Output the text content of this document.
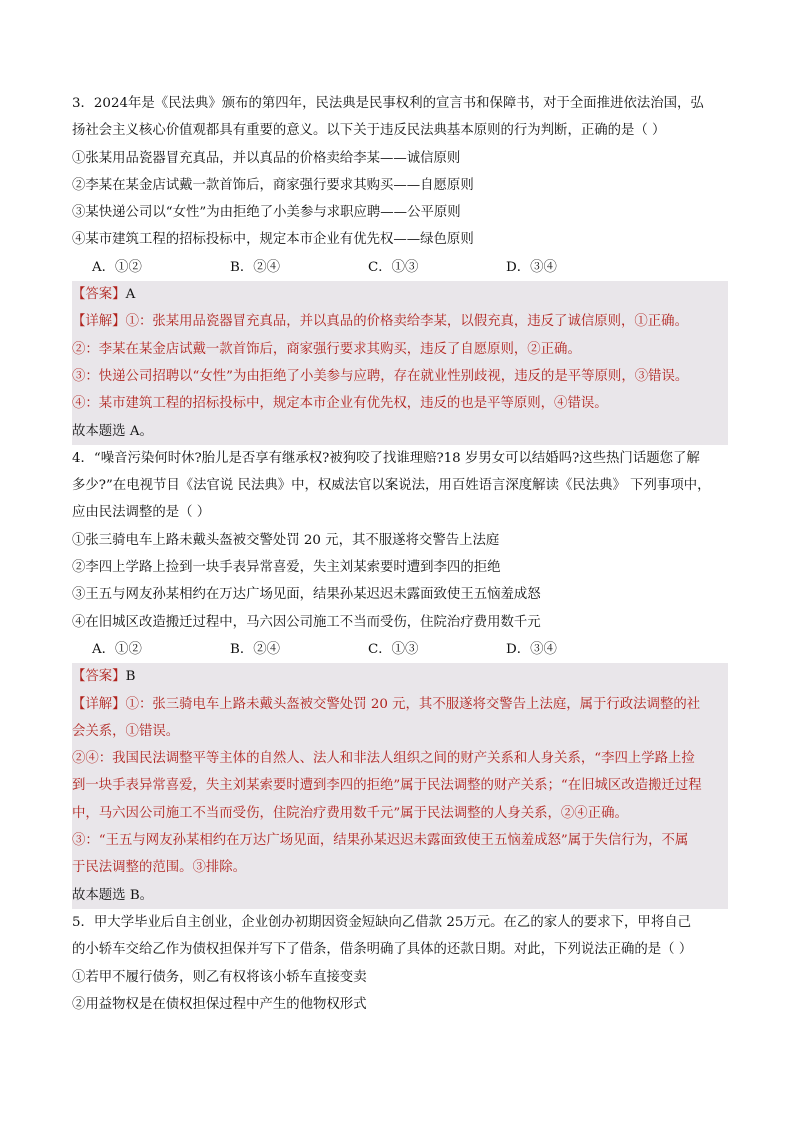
3．2024年是《民法典》颁布的第四年，民法典是民事权利的宣言书和保障书，对于全面推进依法治国，弘
扬社会主义核心价值观都具有重要的意义。以下关于违反民法典基本原则的行为判断，正确的是（ ）
①张某用品瓷器冒充真品，并以真品的价格卖给李某——诚信原则
②李某在某金店试戴一款首饰后，商家强行要求其购买——自愿原则
③某快递公司以“女性”为由拒绝了小美参与求职应聘——公平原则
④某市建筑工程的招标投标中，规定本市企业有优先权——绿色原则
A．①②	B．②④	C．①③	D．③④
【答案】A
【详解】①：张某用品瓷器冒充真品，并以真品的价格卖给李某，以假充真，违反了诚信原则，①正确。
②：李某在某金店试戴一款首饰后，商家强行要求其购买，违反了自愿原则，②正确。
③：快递公司招聘以“女性”为由拒绝了小美参与应聘，存在就业性别歧视，违反的是平等原则，③错误。
④：某市建筑工程的招标投标中，规定本市企业有优先权，违反的也是平等原则，④错误。
故本题选 A。
4．“噪音污染何时休?胎儿是否享有继承权?被狗咬了找谁理赔?18 岁男女可以结婚吗?这些热门话题您了解
多少?”在电视节目《法官说 民法典》中，权威法官以案说法，用百姓语言深度解读《民法典》 下列事项中，
应由民法调整的是（ ）
①张三骑电车上路未戴头盔被交警处罚 20 元，其不服遂将交警告上法庭
②李四上学路上捡到一块手表异常喜爱，失主刘某索要时遭到李四的拒绝
③王五与网友孙某相约在万达广场见面，结果孙某迟迟未露面致使王五恼羞成怒
④在旧城区改造搬迁过程中，马六因公司施工不当而受伤，住院治疗费用数千元
A．①②	B．②④	C．①③	D．③④
【答案】B
【详解】①：张三骑电车上路未戴头盔被交警处罚 20 元，其不服遂将交警告上法庭，属于行政法调整的社
会关系，①错误。
②④：我国民法调整平等主体的自然人、法人和非法人组织之间的财产关系和人身关系，“李四上学路上捡
到一块手表异常喜爱，失主刘某索要时遭到李四的拒绝”属于民法调整的财产关系；“在旧城区改造搬迁过程
中，马六因公司施工不当而受伤，住院治疗费用数千元”属于民法调整的人身关系，②④正确。
③：“王五与网友孙某相约在万达广场见面，结果孙某迟迟未露面致使王五恼羞成怒”属于失信行为，不属
于民法调整的范围。③排除。
故本题选 B。
5．甲大学毕业后自主创业，企业创办初期因资金短缺向乙借款 25万元。在乙的家人的要求下，甲将自己
的小轿车交给乙作为债权担保并写下了借条，借条明确了具体的还款日期。对此，下列说法正确的是（ ）
①若甲不履行债务，则乙有权将该小轿车直接变卖
②用益物权是在债权担保过程中产生的他物权形式
